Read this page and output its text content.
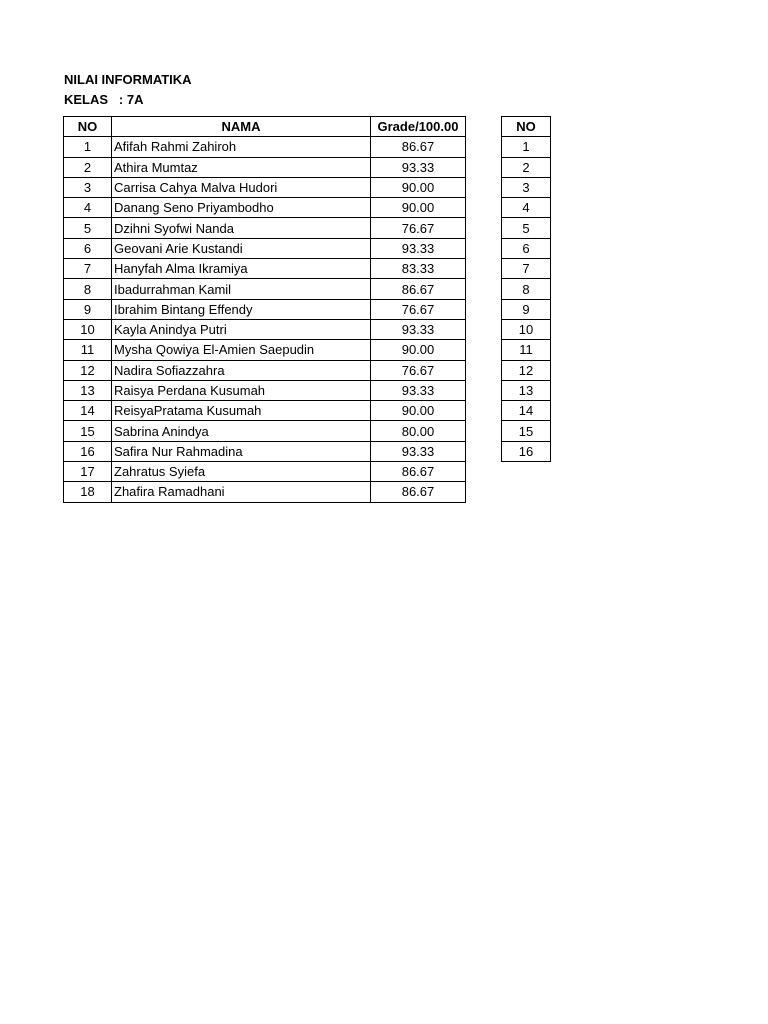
NILAI INFORMATIKA
KELAS   : 7A
NO	NAMA	Grade/100.00
1	Afifah Rahmi Zahiroh	86.67
2	Athira Mumtaz	93.33
3	Carrisa Cahya Malva Hudori	90.00
4	Danang Seno Priyambodho	90.00
5	Dzihni Syofwi Nanda	76.67
6	Geovani Arie Kustandi	93.33
7	Hanyfah Alma Ikramiya	83.33
8	Ibadurrahman Kamil	86.67
9	Ibrahim Bintang Effendy	76.67
10	Kayla Anindya Putri	93.33
11	Mysha Qowiya El-Amien Saepudin	90.00
12	Nadira Sofiazzahra	76.67
13	Raisya Perdana Kusumah	93.33
14	ReisyaPratama Kusumah	90.00
15	Sabrina Anindya	80.00
16	Safira Nur Rahmadina	93.33
17	Zahratus Syiefa	86.67
18	Zhafira Ramadhani	86.67
NO
1
2
3
4
5
6
7
8
9
10
11
12
13
14
15
16
